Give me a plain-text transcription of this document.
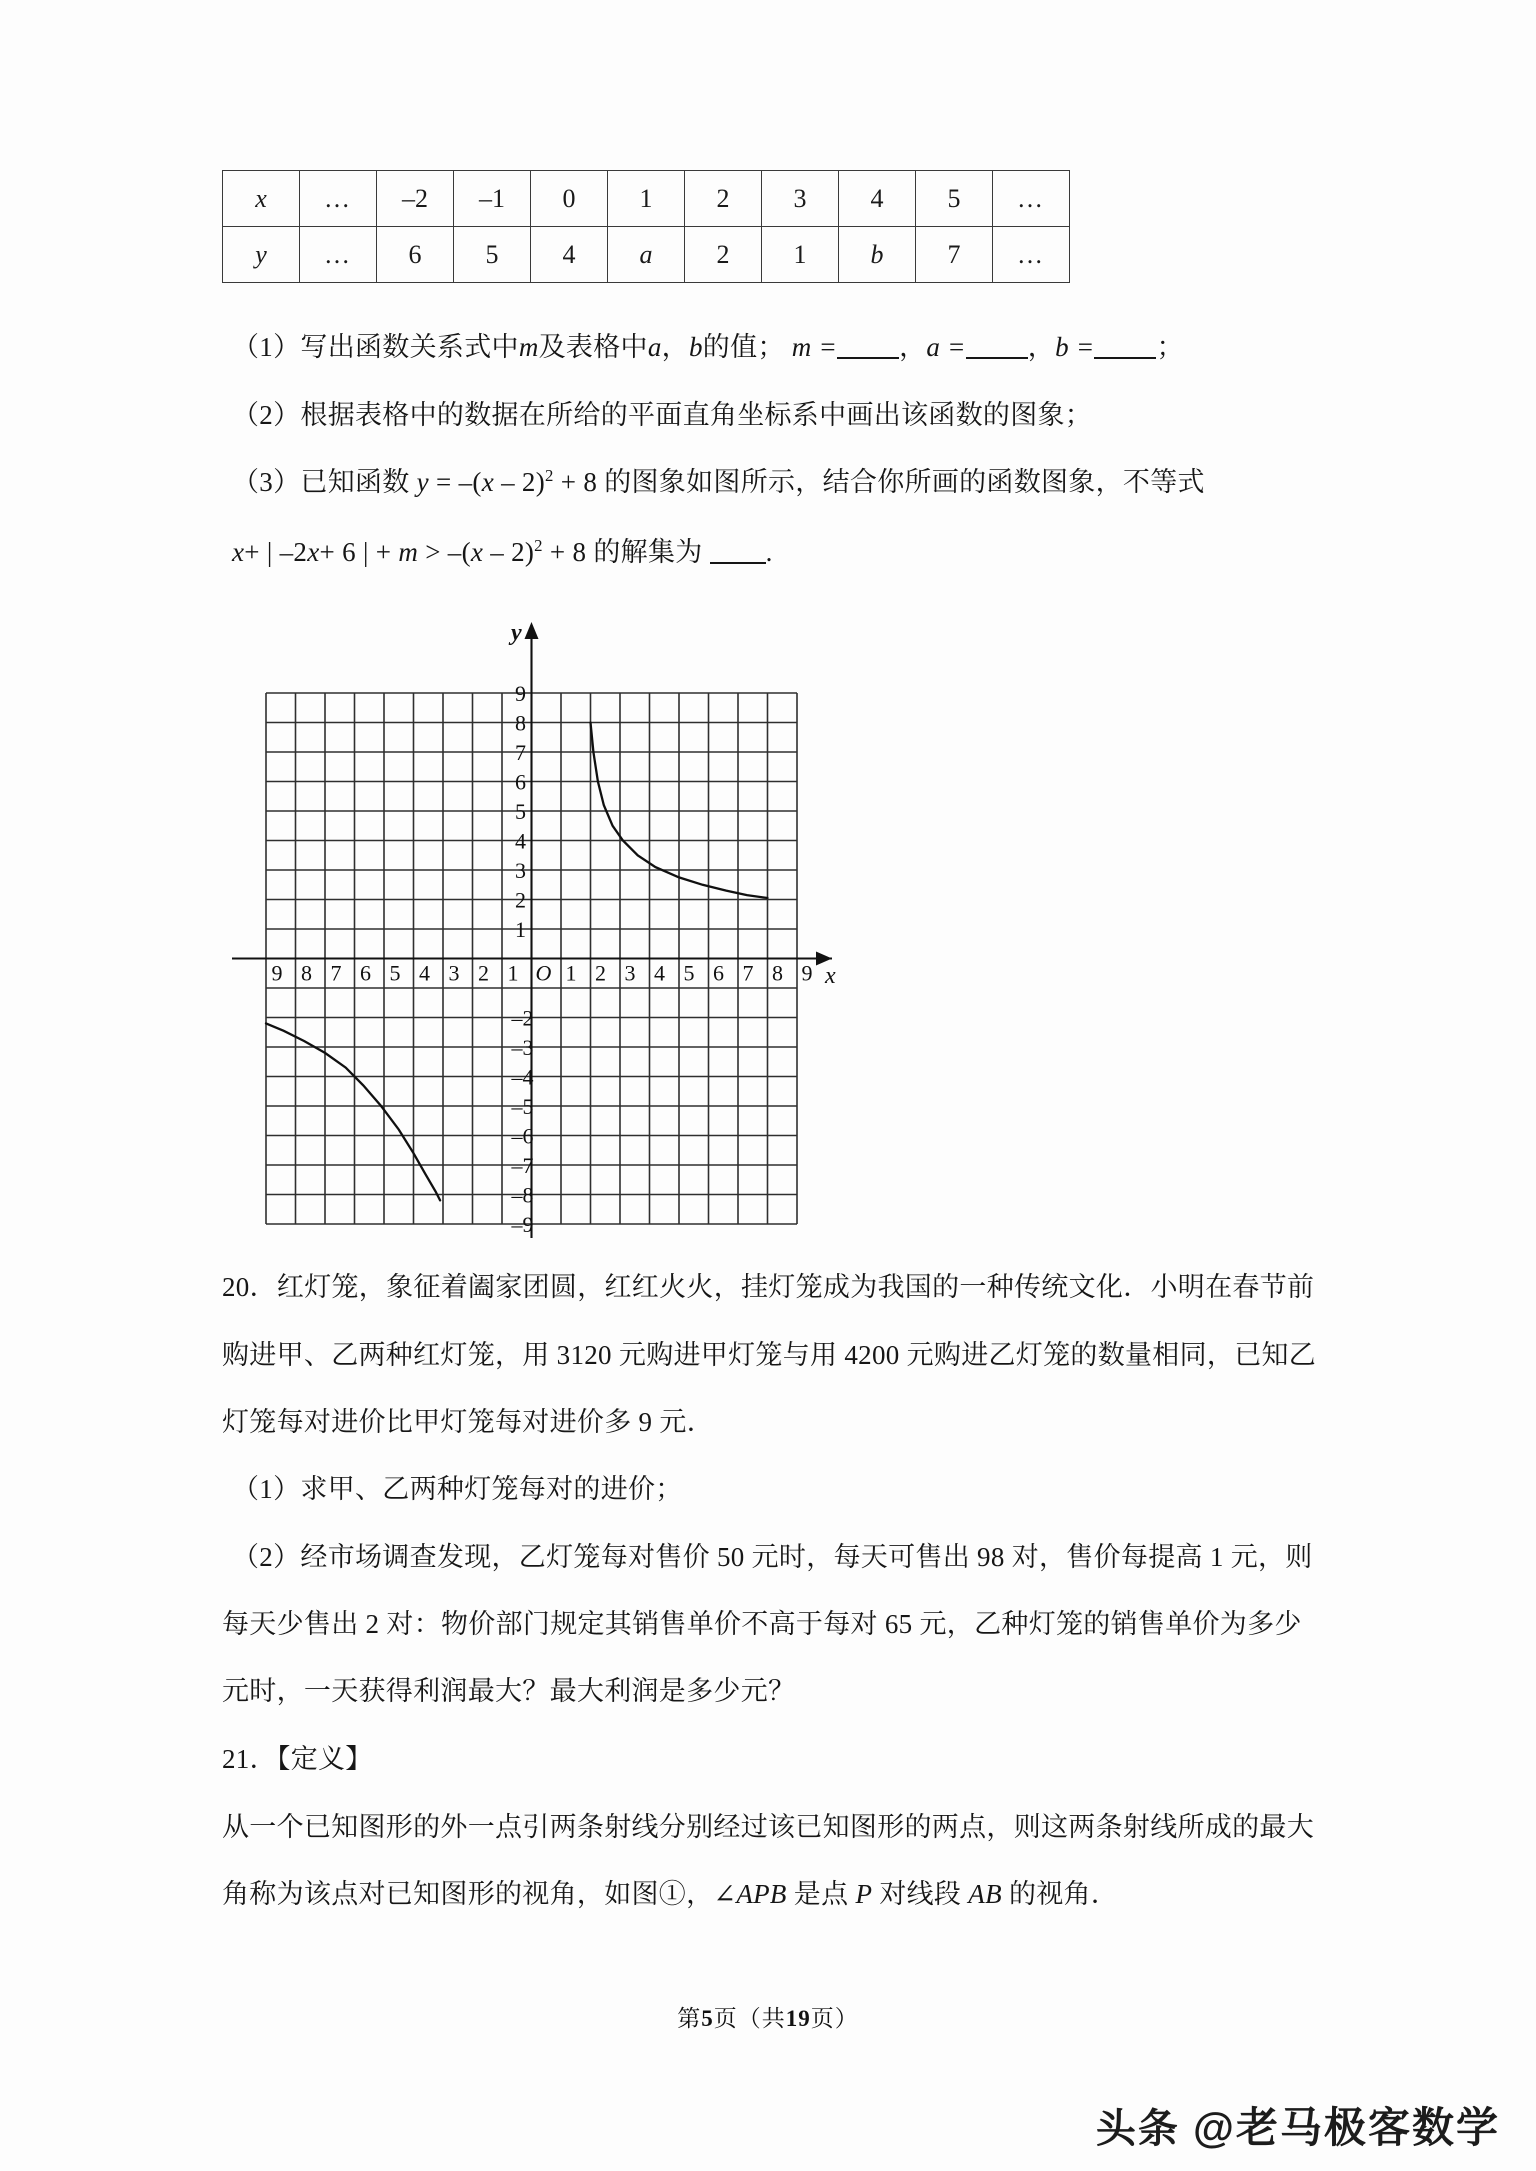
x	…	–2	–1	0	1	2	3	4	5	…
y	…	6	5	4	a	2	1	b	7	…
（1）写出函数关系式中m及表格中a，b的值； m = ，a = ，b = ；
（2）根据表格中的数据在所给的平面直角坐标系中画出该函数的图象；
（3）已知函数 y = –(x – 2)$^2$ + 8 的图象如图所示，结合你所画的函数图象，不等式
x+ | –2x+ 6 | + m > –(x – 2)$^2$ + 8 的解集为 .
9 8 7 6 5 4 3 2 1 O 1 2 3 4 5 6 7 8 9
9
8
7
6
5
4
3
2
1
–2
–3
–4
–5
–6
–7
–8
–9
y
x
20．红灯笼，象征着阖家团圆，红红火火，挂灯笼成为我国的一种传统文化．小明在春节前
购进甲、乙两种红灯笼，用 3120 元购进甲灯笼与用 4200 元购进乙灯笼的数量相同，已知乙
灯笼每对进价比甲灯笼每对进价多 9 元．
（1）求甲、乙两种灯笼每对的进价；
（2）经市场调查发现，乙灯笼每对售价 50 元时，每天可售出 98 对，售价每提高 1 元，则
每天少售出 2 对：物价部门规定其销售单价不高于每对 65 元，乙种灯笼的销售单价为多少
元时，一天获得利润最大？最大利润是多少元？
21．【定义】
从一个已知图形的外一点引两条射线分别经过该已知图形的两点，则这两条射线所成的最大
角称为该点对已知图形的视角，如图①，∠APB 是点 P 对线段 AB 的视角．
第5页（共19页）
头条 @老马极客数学
